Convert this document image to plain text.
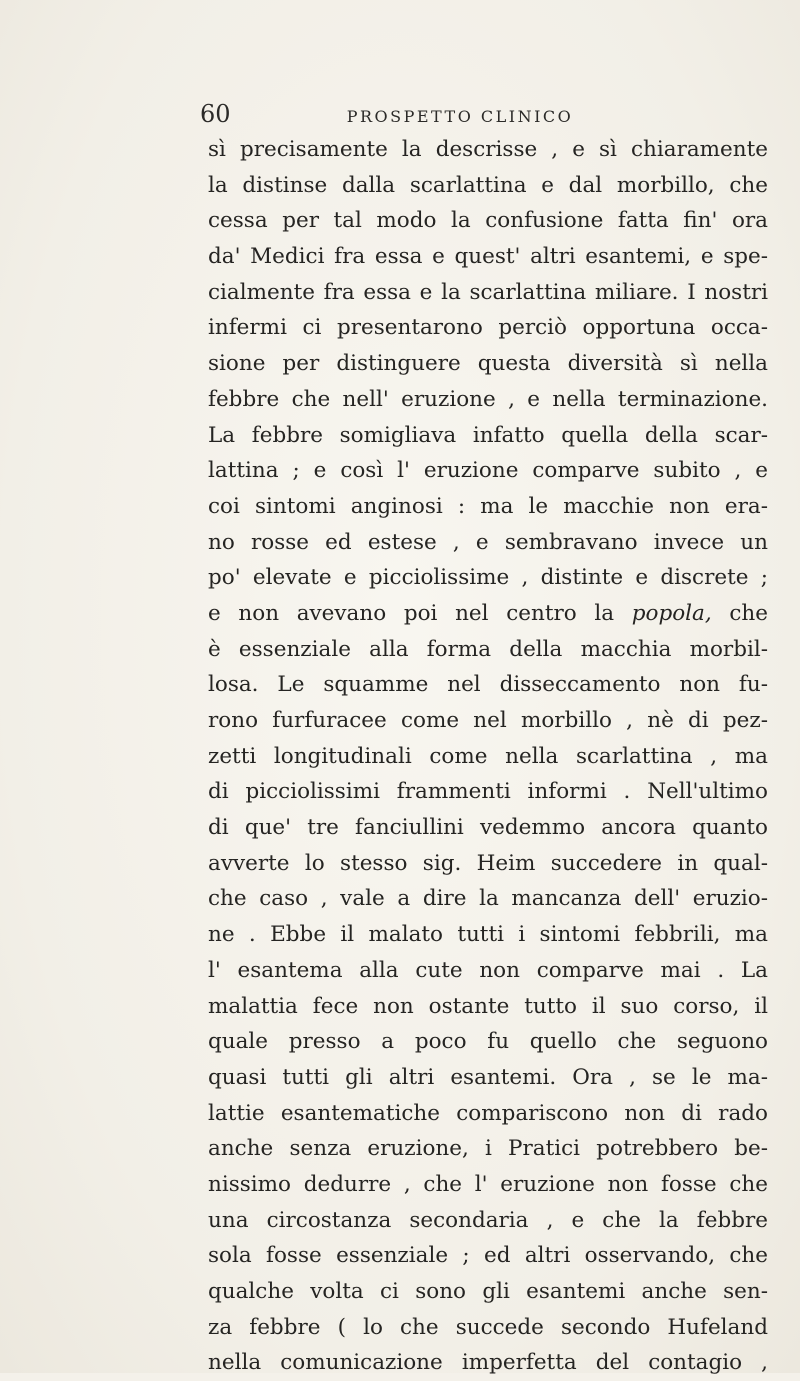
60	PROSPETTO CLINICO
sì precisamente la descrisse , e sì chiaramente
la distinse dalla scarlattina e dal morbillo, che
cessa per tal modo la confusione fatta fin' ora
da' Medici fra essa e quest' altri esantemi, e spe-
cialmente fra essa e la scarlattina miliare. I nostri
infermi ci presentarono perciò opportuna occa-
sione per distinguere questa diversità sì nella
febbre che nell' eruzione , e nella terminazione.
La febbre somigliava infatto quella della scar-
lattina ; e così l' eruzione comparve subito , e
coi sintomi anginosi : ma le macchie non era-
no rosse ed estese , e sembravano invece un
po' elevate e picciolissime , distinte e discrete ;
e non avevano poi nel centro la popola, che
è essenziale alla forma della macchia morbil-
losa. Le squamme nel disseccamento non fu-
rono furfuracee come nel morbillo , nè di pez-
zetti longitudinali come nella scarlattina , ma
di picciolissimi frammenti informi . Nell'ultimo
di que' tre fanciullini vedemmo ancora quanto
avverte lo stesso sig. Heim succedere in qual-
che caso , vale a dire la mancanza dell' eruzio-
ne . Ebbe il malato tutti i sintomi febbrili, ma
l' esantema alla cute non comparve mai . La
malattia fece non ostante tutto il suo corso, il
quale presso a poco fu quello che seguono
quasi tutti gli altri esantemi. Ora , se le ma-
lattie esantematiche compariscono non di rado
anche senza eruzione, i Pratici potrebbero be-
nissimo dedurre , che l' eruzione non fosse che
una circostanza secondaria , e che la febbre
sola fosse essenziale ; ed altri osservando, che
qualche volta ci sono gli esantemi anche sen-
za febbre ( lo che succede secondo Hufeland
nella comunicazione imperfetta del contagio ,
